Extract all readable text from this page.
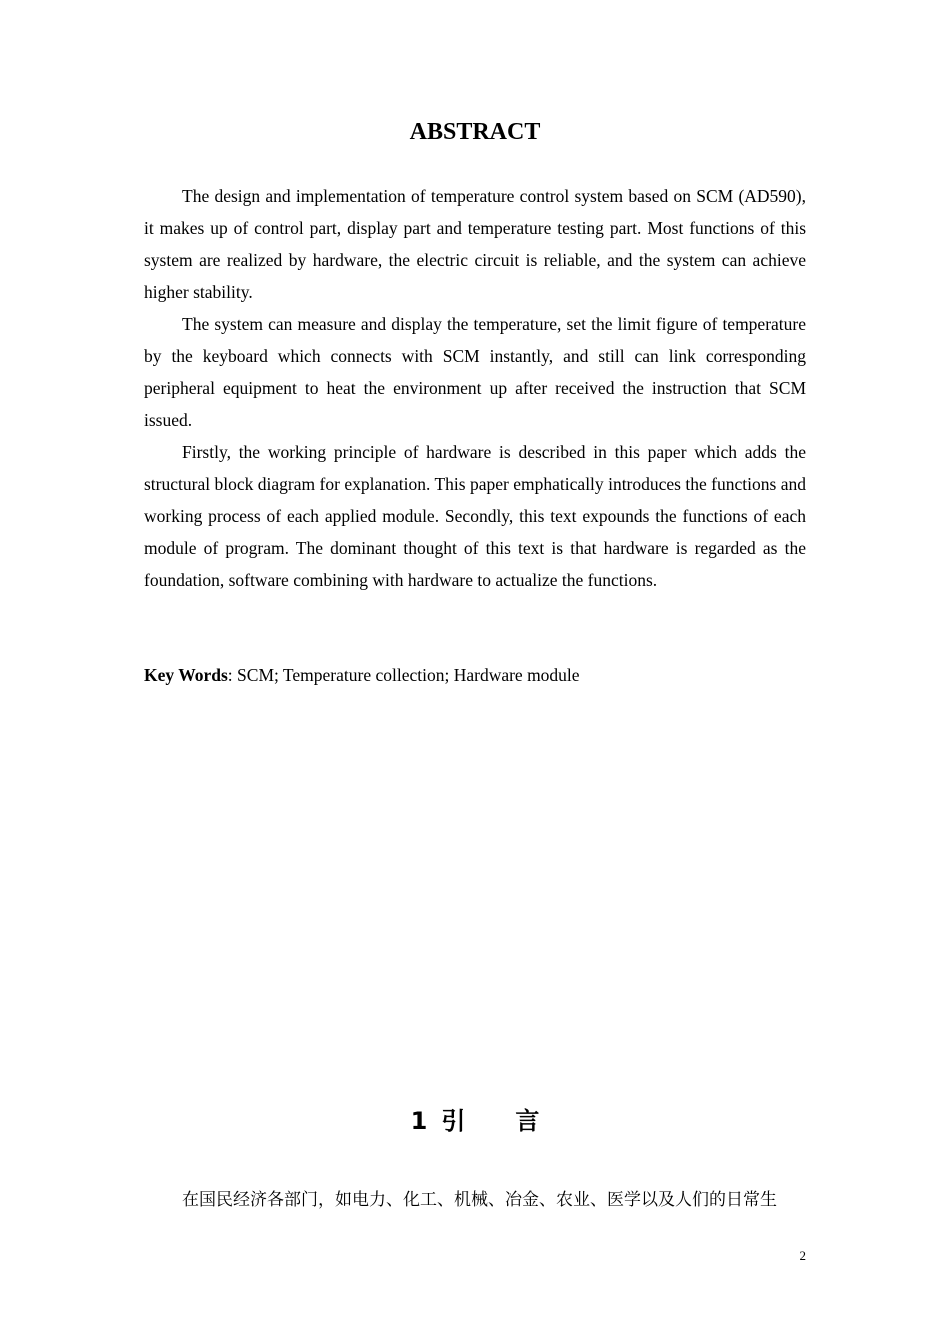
ABSTRACT

The design and implementation of temperature control system based on SCM (AD590), it makes up of control part, display part and temperature testing part. Most functions of this system are realized by hardware, the electric circuit is reliable, and the system can achieve higher stability.

The system can measure and display the temperature, set the limit figure of temperature by the keyboard which connects with SCM instantly, and still can link corresponding peripheral equipment to heat the environment up after received the instruction that SCM issued.

Firstly, the working principle of hardware is described in this paper which adds the structural block diagram for explanation. This paper emphatically introduces the functions and working process of each applied module. Secondly, this text expounds the functions of each module of program. The dominant thought of this text is that hardware is regarded as the foundation, software combining with hardware to actualize the functions.

Key Words: SCM; Temperature collection; Hardware module
1 引言
在国民经济各部门，如电力、化工、机械、冶金、农业、医学以及人们的日常生
2
